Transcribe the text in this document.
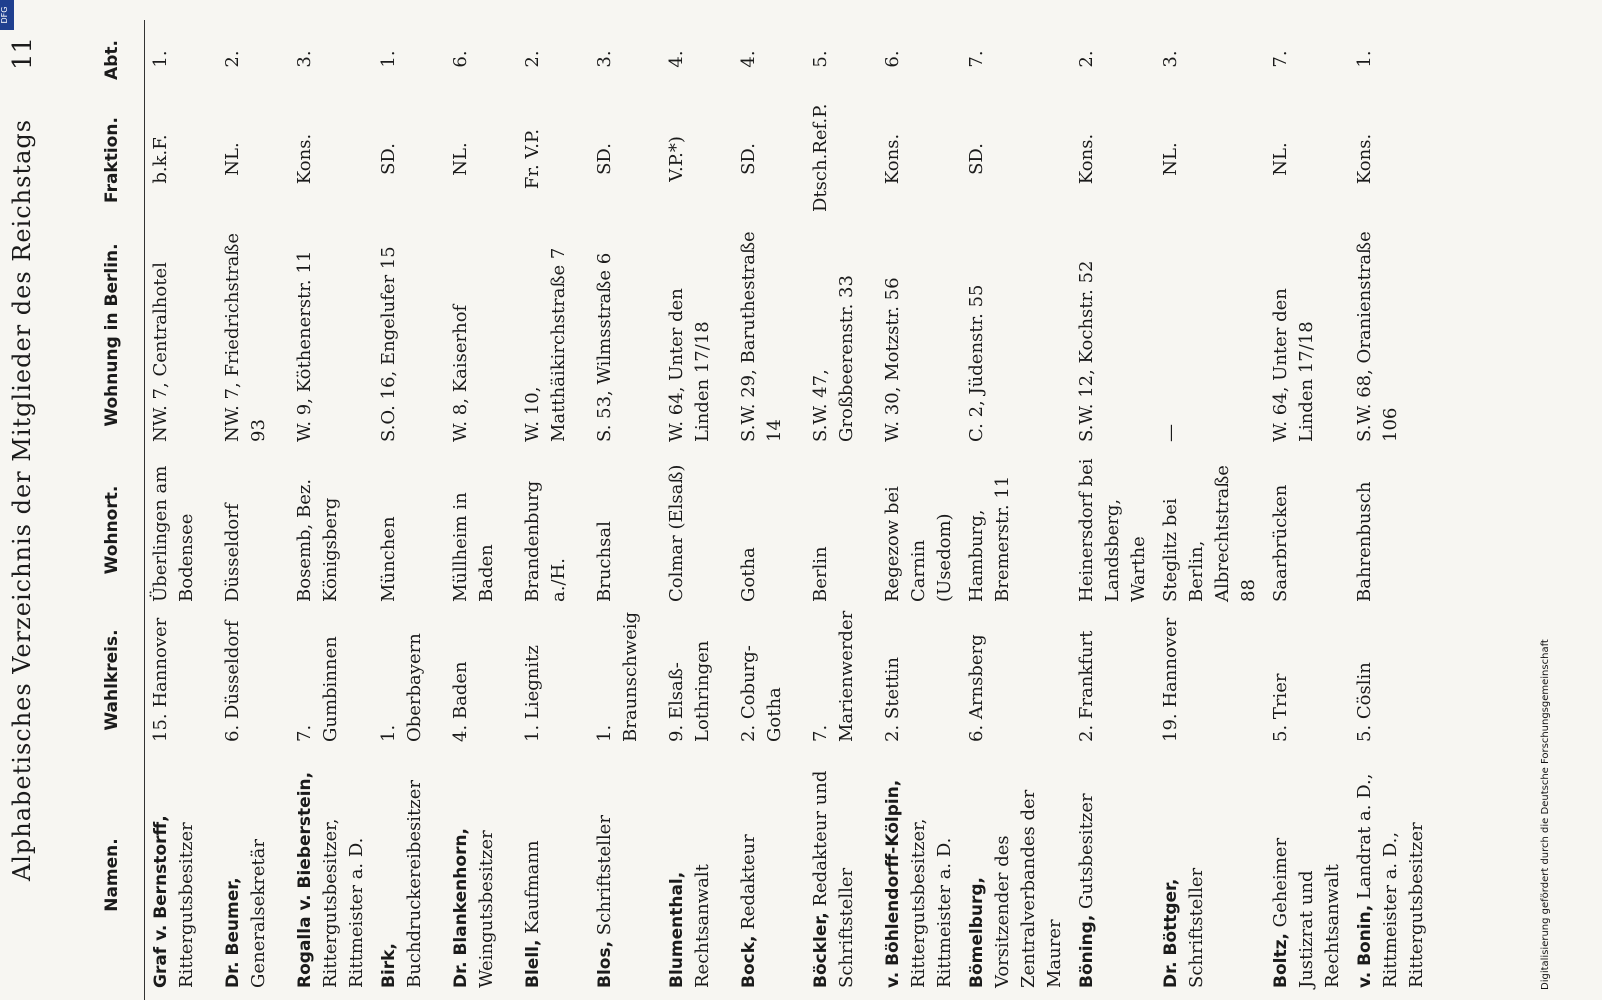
Alphabetisches Verzeichnis der Mitglieder des Reichstags
11
Namen.	Wahlkreis.	Wohnort.	Wohnung in Berlin.	Fraktion.	Abt.
Graf v. Bernstorff, Rittergutsbesitzer	15. Hannover	Überlingen am Bodensee	NW. 7, Centralhotel	b.k.F.	1.
Dr. Beumer, Generalsekretär	6. Düsseldorf	Düsseldorf	NW. 7, Friedrichstraße 93	NL.	2.
Rogalla v. Bieberstein, Rittergutsbesitzer, Rittmeister a. D.	7. Gumbinnen	Bosemb, Bez. Königsberg	W. 9, Köthenerstr. 11	Kons.	3.
Birk, Buchdruckereibesitzer	1. Oberbayern	München	S.O. 16, Engelufer 15	SD.	1.
Dr. Blankenhorn, Weingutsbesitzer	4. Baden	Müllheim in Baden	W. 8, Kaiserhof	NL.	6.
Blell, Kaufmann	1. Liegnitz	Brandenburg a./H.	W. 10, Matthäikirchstraße 7	Fr. V.P.	2.
Blos, Schriftsteller	1. Braunschweig	Bruchsal	S. 53, Wilmsstraße 6	SD.	3.
Blumenthal, Rechtsanwalt	9. Elsaß-Lothringen	Colmar (Elsaß)	W. 64, Unter den Linden 17/18	V.P.*)	4.
Bock, Redakteur	2. Coburg-Gotha	Gotha	S.W. 29, Baruthestraße 14	SD.	4.
Böckler, Redakteur und Schriftsteller	7. Marienwerder	Berlin	S.W. 47, Großbeerenstr. 33	Dtsch.Ref.P.	5.
v. Böhlendorff-Kölpin, Rittergutsbesitzer, Rittmeister a. D.	2. Stettin	Regezow bei Carnin (Usedom)	W. 30, Motzstr. 56	Kons.	6.
Bömelburg, Vorsitzender des Zentralverbandes der Maurer	6. Arnsberg	Hamburg, Bremerstr. 11	C. 2, Jüdenstr. 55	SD.	7.
Böning, Gutsbesitzer	2. Frankfurt	Heinersdorf bei Landsberg, Warthe	S.W. 12, Kochstr. 52	Kons.	2.
Dr. Böttger, Schriftsteller	19. Hannover	Steglitz bei Berlin, Albrechtstraße 88	—	NL.	3.
Boltz, Geheimer Justizrat und Rechtsanwalt	5. Trier	Saarbrücken	W. 64, Unter den Linden 17/18	NL.	7.
v. Bonin, Landrat a. D., Rittmeister a. D., Rittergutsbesitzer	5. Cöslin	Bahrenbusch	S.W. 68, Oranienstraße 106	Kons.	1.
Digitalisierung gefördert durch die Deutsche Forschungsgemeinschaft
DFG
